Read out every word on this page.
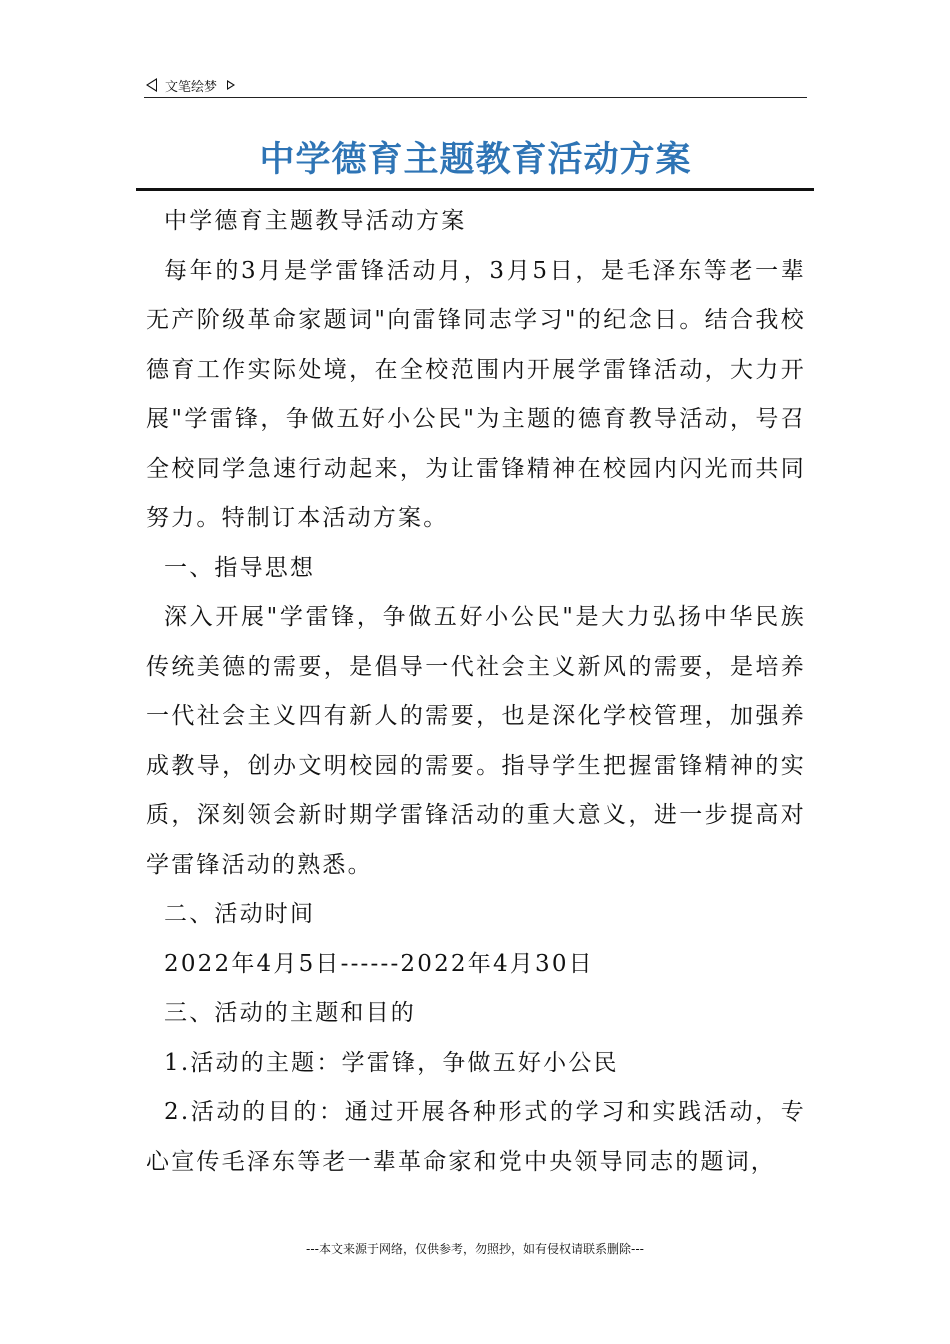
文笔绘梦
中学德育主题教育活动方案

中学德育主题教导活动方案

每年的3月是学雷锋活动月，3月5日，是毛泽东等老一辈无产阶级革命家题词"向雷锋同志学习"的纪念日。结合我校德育工作实际处境，在全校范围内开展学雷锋活动，大力开展"学雷锋，争做五好小公民"为主题的德育教导活动，号召全校同学急速行动起来，为让雷锋精神在校园内闪光而共同努力。特制订本活动方案。

一、指导思想

深入开展"学雷锋，争做五好小公民"是大力弘扬中华民族传统美德的需要，是倡导一代社会主义新风的需要，是培养一代社会主义四有新人的需要，也是深化学校管理，加强养成教导，创办文明校园的需要。指导学生把握雷锋精神的实质，深刻领会新时期学雷锋活动的重大意义，进一步提高对学雷锋活动的熟悉。

二、活动时间

2022年4月5日------2022年4月30日

三、活动的主题和目的

1.活动的主题：学雷锋，争做五好小公民

2.活动的目的：通过开展各种形式的学习和实践活动，专心宣传毛泽东等老一辈革命家和党中央领导同志的题词，

---本文来源于网络，仅供参考，勿照抄，如有侵权请联系删除---
